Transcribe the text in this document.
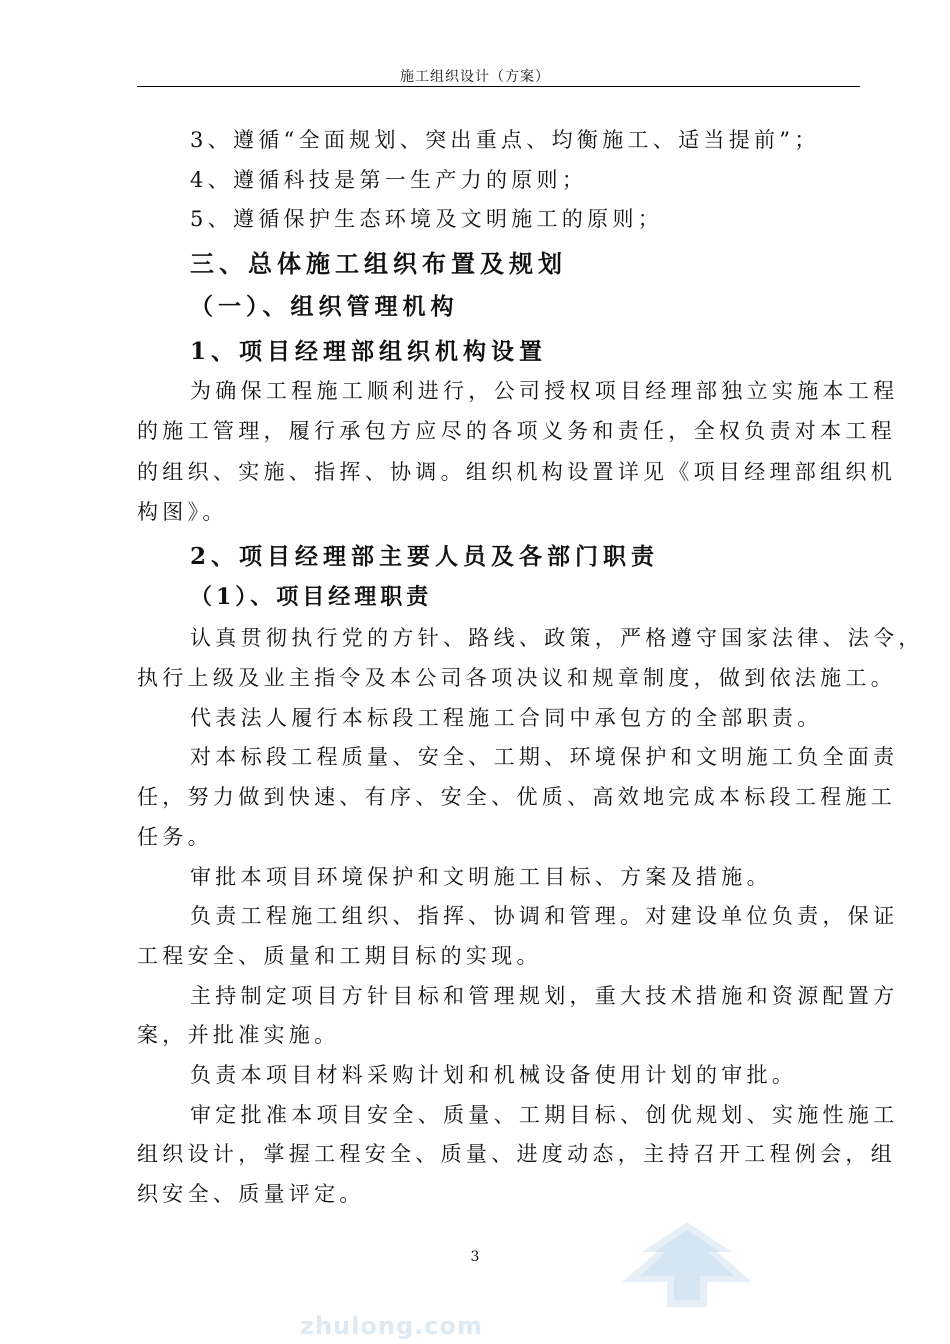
施工组织设计（方案）
3、遵循“全面规划、突出重点、均衡施工、适当提前”；
4、遵循科技是第一生产力的原则；
5、遵循保护生态环境及文明施工的原则；
三、总体施工组织布置及规划
（一）、组织管理机构
1、项目经理部组织机构设置
为确保工程施工顺利进行，公司授权项目经理部独立实施本工程
的施工管理，履行承包方应尽的各项义务和责任，全权负责对本工程
的组织、实施、指挥、协调。组织机构设置详见《项目经理部组织机
构图》。
2、项目经理部主要人员及各部门职责
（1）、项目经理职责
认真贯彻执行党的方针、路线、政策，严格遵守国家法律、法令，
执行上级及业主指令及本公司各项决议和规章制度，做到依法施工。
代表法人履行本标段工程施工合同中承包方的全部职责。
对本标段工程质量、安全、工期、环境保护和文明施工负全面责
任，努力做到快速、有序、安全、优质、高效地完成本标段工程施工
任务。
审批本项目环境保护和文明施工目标、方案及措施。
负责工程施工组织、指挥、协调和管理。对建设单位负责，保证
工程安全、质量和工期目标的实现。
主持制定项目方针目标和管理规划，重大技术措施和资源配置方
案，并批准实施。
负责本项目材料采购计划和机械设备使用计划的审批。
审定批准本项目安全、质量、工期目标、创优规划、实施性施工
组织设计，掌握工程安全、质量、进度动态，主持召开工程例会，组
织安全、质量评定。
3
zhulong.com
